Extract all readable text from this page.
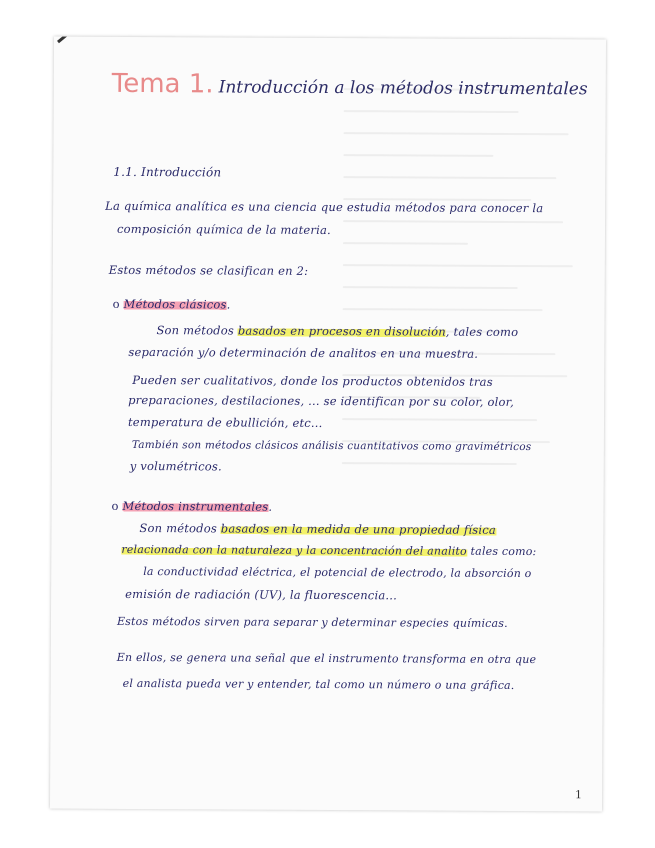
Tema 1. Introducción a los métodos instrumentales
1.1. Introducción
La química analítica es una ciencia que estudia métodos para conocer la
composición química de la materia.
Estos métodos se clasifican en 2:
o Métodos clásicos.
Son métodos basados en procesos en disolución, tales como
separación y/o determinación de analitos en una muestra.
Pueden ser cualitativos, donde los productos obtenidos tras
preparaciones, destilaciones, ... se identifican por su color, olor,
temperatura de ebullición, etc...
También son métodos clásicos análisis cuantitativos como gravimétricos
y volumétricos.
o Métodos instrumentales.
Son métodos basados en la medida de una propiedad física
relacionada con la naturaleza y la concentración del analito tales como:
la conductividad eléctrica, el potencial de electrodo, la absorción o
emisión de radiación (UV), la fluorescencia...
Estos métodos sirven para separar y determinar especies químicas.
En ellos, se genera una señal que el instrumento transforma en otra que
el analista pueda ver y entender, tal como un número o una gráfica.
1
